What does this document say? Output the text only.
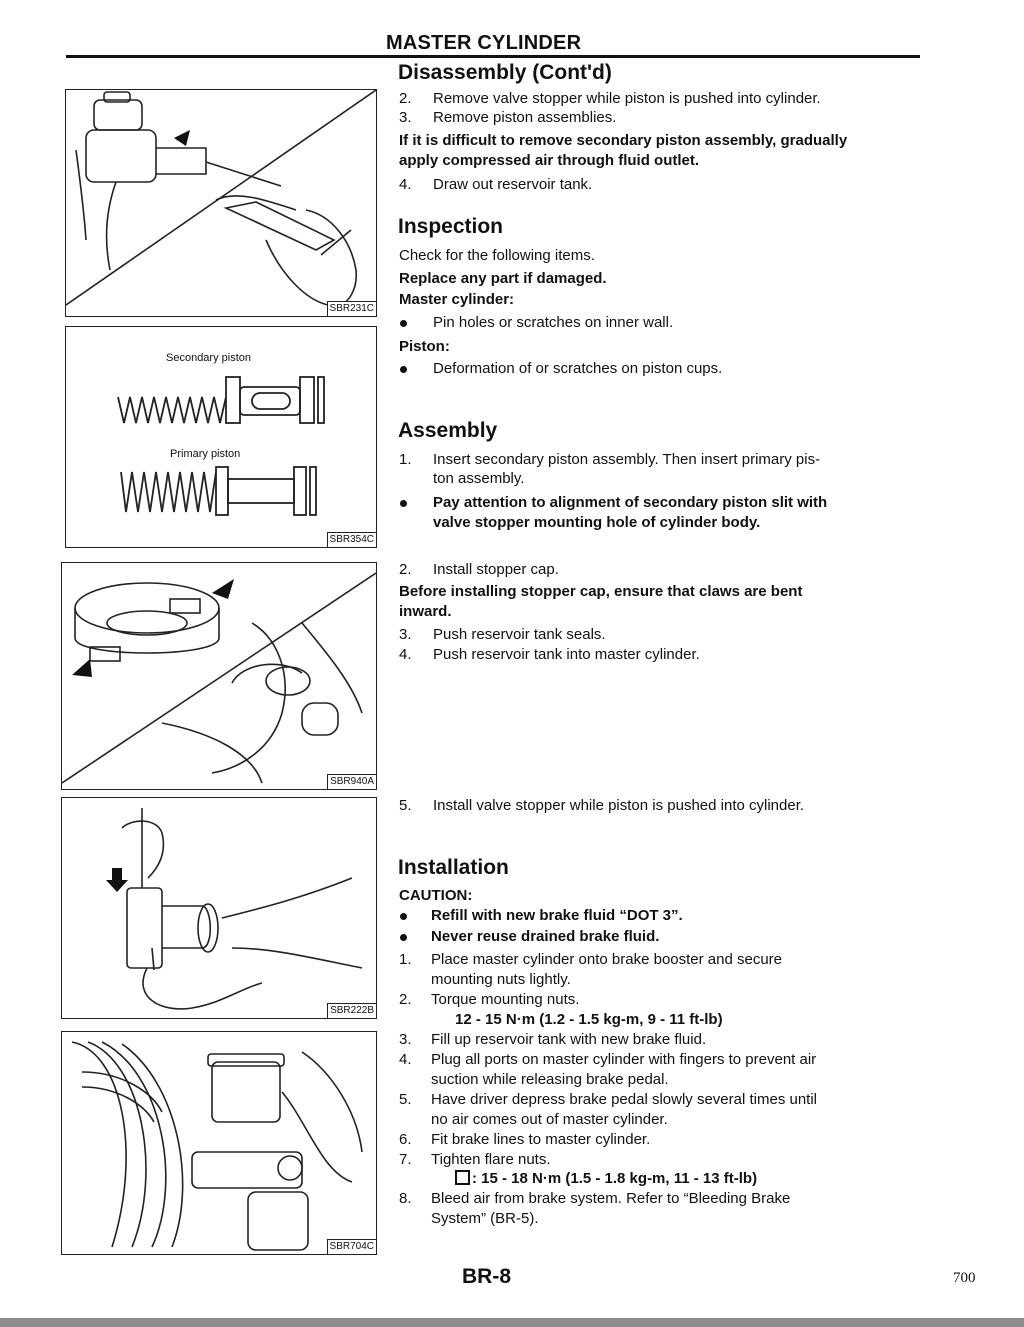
MASTER CYLINDER
Disassembly (Cont'd)
2. Remove valve stopper while piston is pushed into cylinder.
3. Remove piston assemblies.
If it is difficult to remove secondary piston assembly, gradually
apply compressed air through fluid outlet.
4. Draw out reservoir tank.
Inspection
Check for the following items.
Replace any part if damaged.
Master cylinder:
Pin holes or scratches on inner wall.
Piston:
Deformation of or scratches on piston cups.
Assembly
1. Insert secondary piston assembly. Then insert primary pis-
ton assembly.
Pay attention to alignment of secondary piston slit with
valve stopper mounting hole of cylinder body.
2. Install stopper cap.
Before installing stopper cap, ensure that claws are bent
inward.
3. Push reservoir tank seals.
4. Push reservoir tank into master cylinder.
5. Install valve stopper while piston is pushed into cylinder.
Installation
CAUTION:
Refill with new brake fluid “DOT 3”.
Never reuse drained brake fluid.
1. Place master cylinder onto brake booster and secure
mounting nuts lightly.
2. Torque mounting nuts.
12 - 15 N·m (1.2 - 1.5 kg-m, 9 - 11 ft-lb)
3. Fill up reservoir tank with new brake fluid.
4. Plug all ports on master cylinder with fingers to prevent air
suction while releasing brake pedal.
5. Have driver depress brake pedal slowly several times until
no air comes out of master cylinder.
6. Fit brake lines to master cylinder.
7. Tighten flare nuts.
: 15 - 18 N·m (1.5 - 1.8 kg-m, 11 - 13 ft-lb)
8. Bleed air from brake system. Refer to “Bleeding Brake
System” (BR-5).
SBR231C
Secondary piston
Primary piston
SBR354C
SBR940A
SBR222B
SBR704C
BR-8	700
